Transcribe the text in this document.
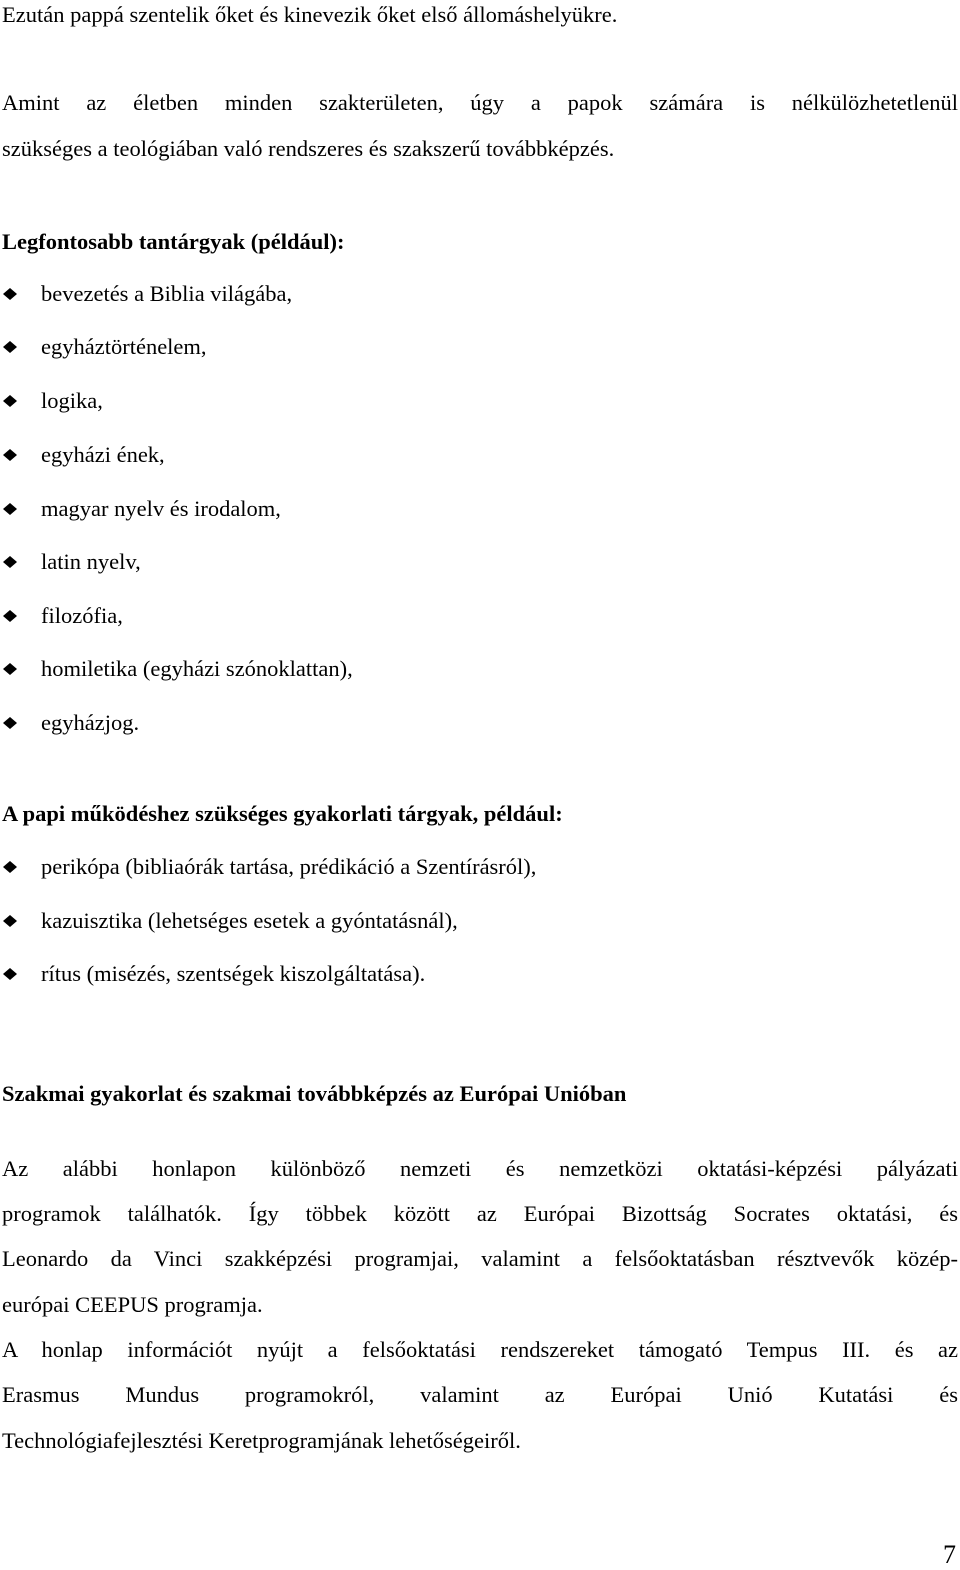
Ezután pappá szentelik őket és kinevezik őket első állomáshelyükre.
Amint az életben minden szakterületen, úgy a papok számára is nélkülözhetetlenül
szükséges a teológiában való rendszeres és szakszerű továbbképzés.
Legfontosabb tantárgyak (például):
bevezetés a Biblia világába,
egyháztörténelem,
logika,
egyházi ének,
magyar nyelv és irodalom,
latin nyelv,
filozófia,
homiletika (egyházi szónoklattan),
egyházjog.
A papi működéshez szükséges gyakorlati tárgyak, például:
perikópa (bibliaórák tartása, prédikáció a Szentírásról),
kazuisztika (lehetséges esetek a gyóntatásnál),
rítus (misézés, szentségek kiszolgáltatása).
Szakmai gyakorlat és szakmai továbbképzés az Európai Unióban
Az alábbi honlapon különböző nemzeti és nemzetközi oktatási-képzési pályázati
programok találhatók. Így többek között az Európai Bizottság Socrates oktatási, és
Leonardo da Vinci szakképzési programjai, valamint a felsőoktatásban résztvevők közép-
európai CEEPUS programja.
A honlap információt nyújt a felsőoktatási rendszereket támogató Tempus III. és az
Erasmus Mundus programokról, valamint az Európai Unió Kutatási és
Technológiafejlesztési Keretprogramjának lehetőségeiről.
7
